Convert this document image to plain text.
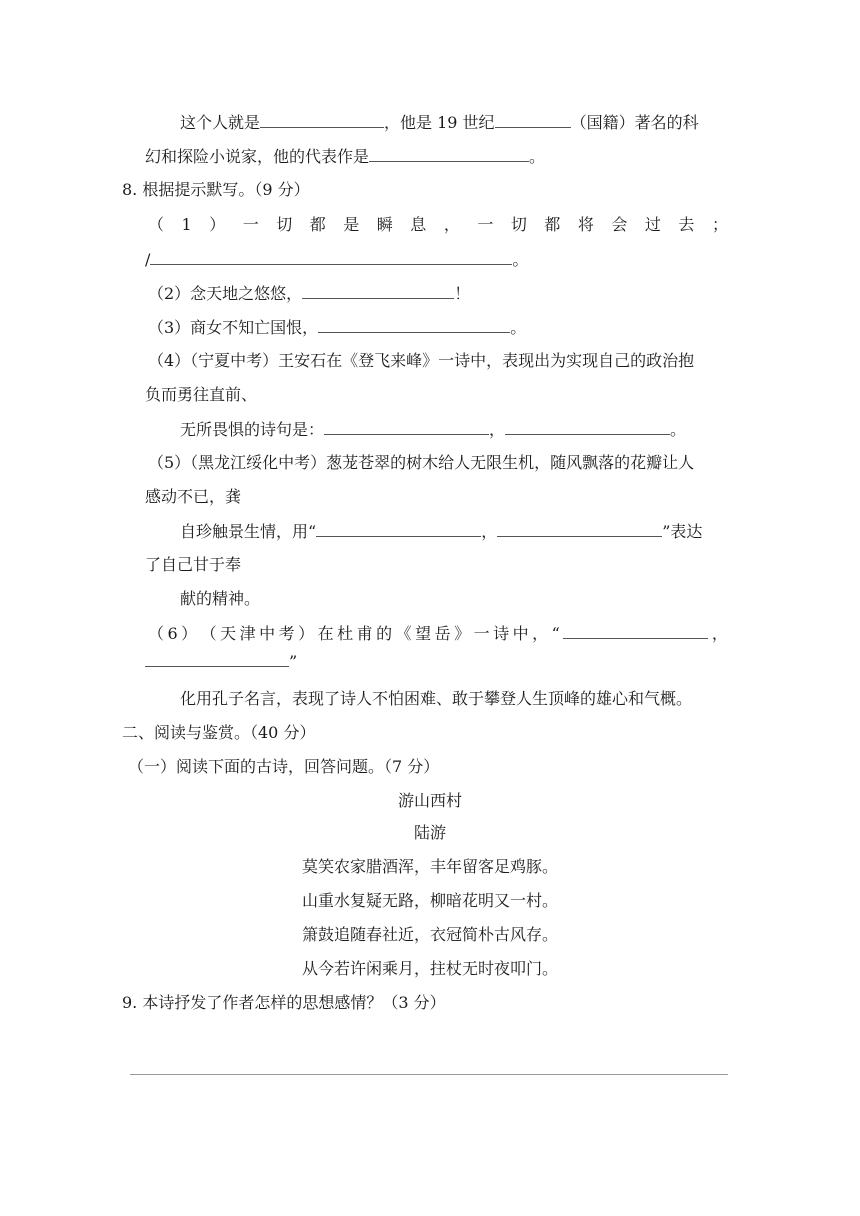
这个人就是	，他是 19 世纪	（国籍）著名的科
幻和探险小说家，他的代表作是	。
8. 根据提示默写。（9 分）
（ 1 ） 一 切 都 是 瞬 息 ， 一 切 都 将 会 过 去 ；
/	。
（2）念天地之悠悠，	！
（3）商女不知亡国恨，	。
（4）（宁夏中考）王安石在《登飞来峰》一诗中，表现出为实现自己的政治抱
负而勇往直前、
无所畏惧的诗句是：	，	。
（5）（黑龙江绥化中考）葱茏苍翠的树木给人无限生机，随风飘落的花瓣让人
感动不已，龚
自珍触景生情，用“	，	”表达
了自己甘于奉
献的精神。
（ 6 ） （ 天 津 中 考 ） 在 杜 甫 的 《 望 岳 》 一 诗 中 ， “	，
”
化用孔子名言，表现了诗人不怕困难、敢于攀登人生顶峰的雄心和气概。
二、阅读与鉴赏。（40 分）
（一）阅读下面的古诗，回答问题。（7 分）
游山西村
陆游
莫笑农家腊酒浑，丰年留客足鸡豚。
山重水复疑无路，柳暗花明又一村。
箫鼓追随春社近，衣冠简朴古风存。
从今若许闲乘月，拄杖无时夜叩门。
9. 本诗抒发了作者怎样的思想感情？（3 分）
